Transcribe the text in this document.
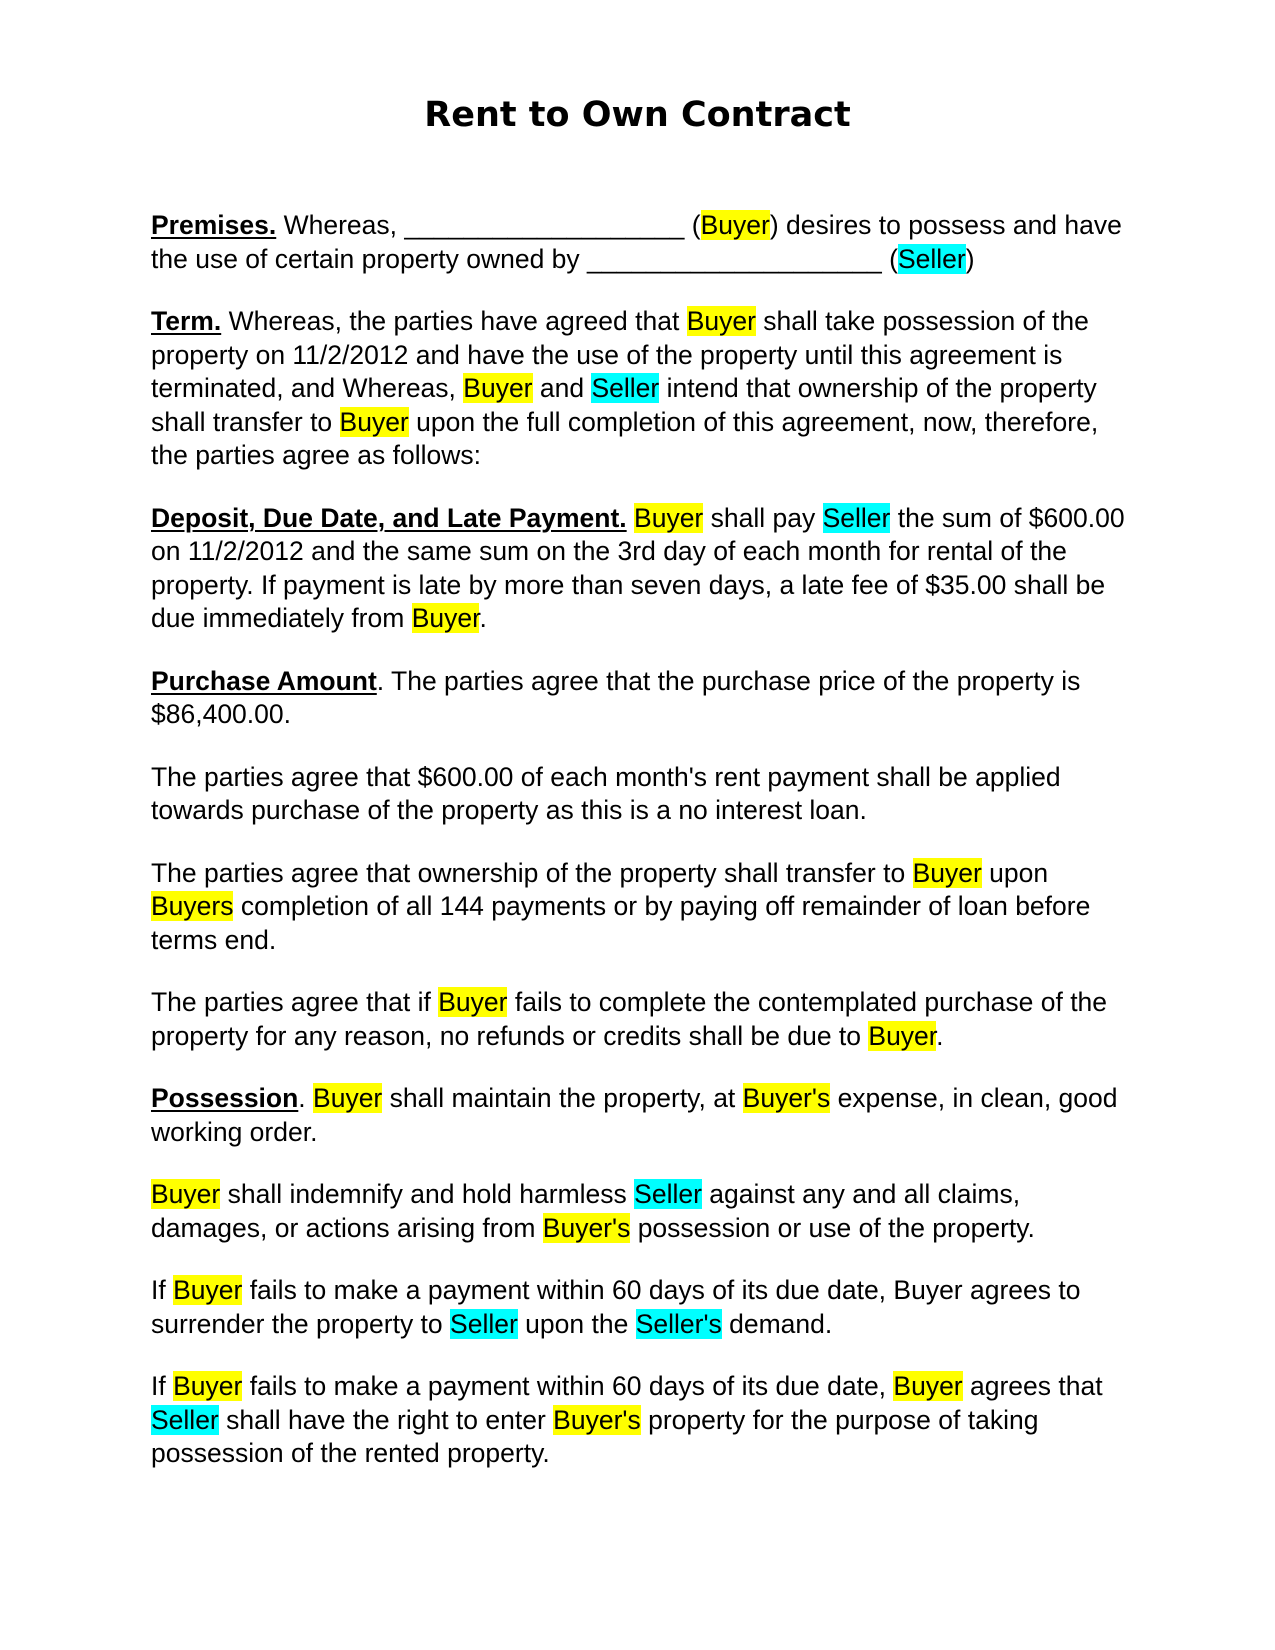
Rent to Own Contract

Premises. Whereas, ___________________ (Buyer) desires to possess and have the use of certain property owned by ____________________ (Seller)

Term. Whereas, the parties have agreed that Buyer shall take possession of the property on 11/2/2012 and have the use of the property until this agreement is terminated, and Whereas, Buyer and Seller intend that ownership of the property shall transfer to Buyer upon the full completion of this agreement, now, therefore, the parties agree as follows:

Deposit, Due Date, and Late Payment. Buyer shall pay Seller the sum of $600.00 on 11/2/2012 and the same sum on the 3rd day of each month for rental of the property. If payment is late by more than seven days, a late fee of $35.00 shall be due immediately from Buyer.

Purchase Amount. The parties agree that the purchase price of the property is $86,400.00.

The parties agree that $600.00 of each month's rent payment shall be applied towards purchase of the property as this is a no interest loan.

The parties agree that ownership of the property shall transfer to Buyer upon Buyers completion of all 144 payments or by paying off remainder of loan before terms end.

The parties agree that if Buyer fails to complete the contemplated purchase of the property for any reason, no refunds or credits shall be due to Buyer.

Possession. Buyer shall maintain the property, at Buyer's expense, in clean, good working order.

Buyer shall indemnify and hold harmless Seller against any and all claims, damages, or actions arising from Buyer's possession or use of the property.

If Buyer fails to make a payment within 60 days of its due date, Buyer agrees to surrender the property to Seller upon the Seller's demand.

If Buyer fails to make a payment within 60 days of its due date, Buyer agrees that Seller shall have the right to enter Buyer's property for the purpose of taking possession of the rented property.
